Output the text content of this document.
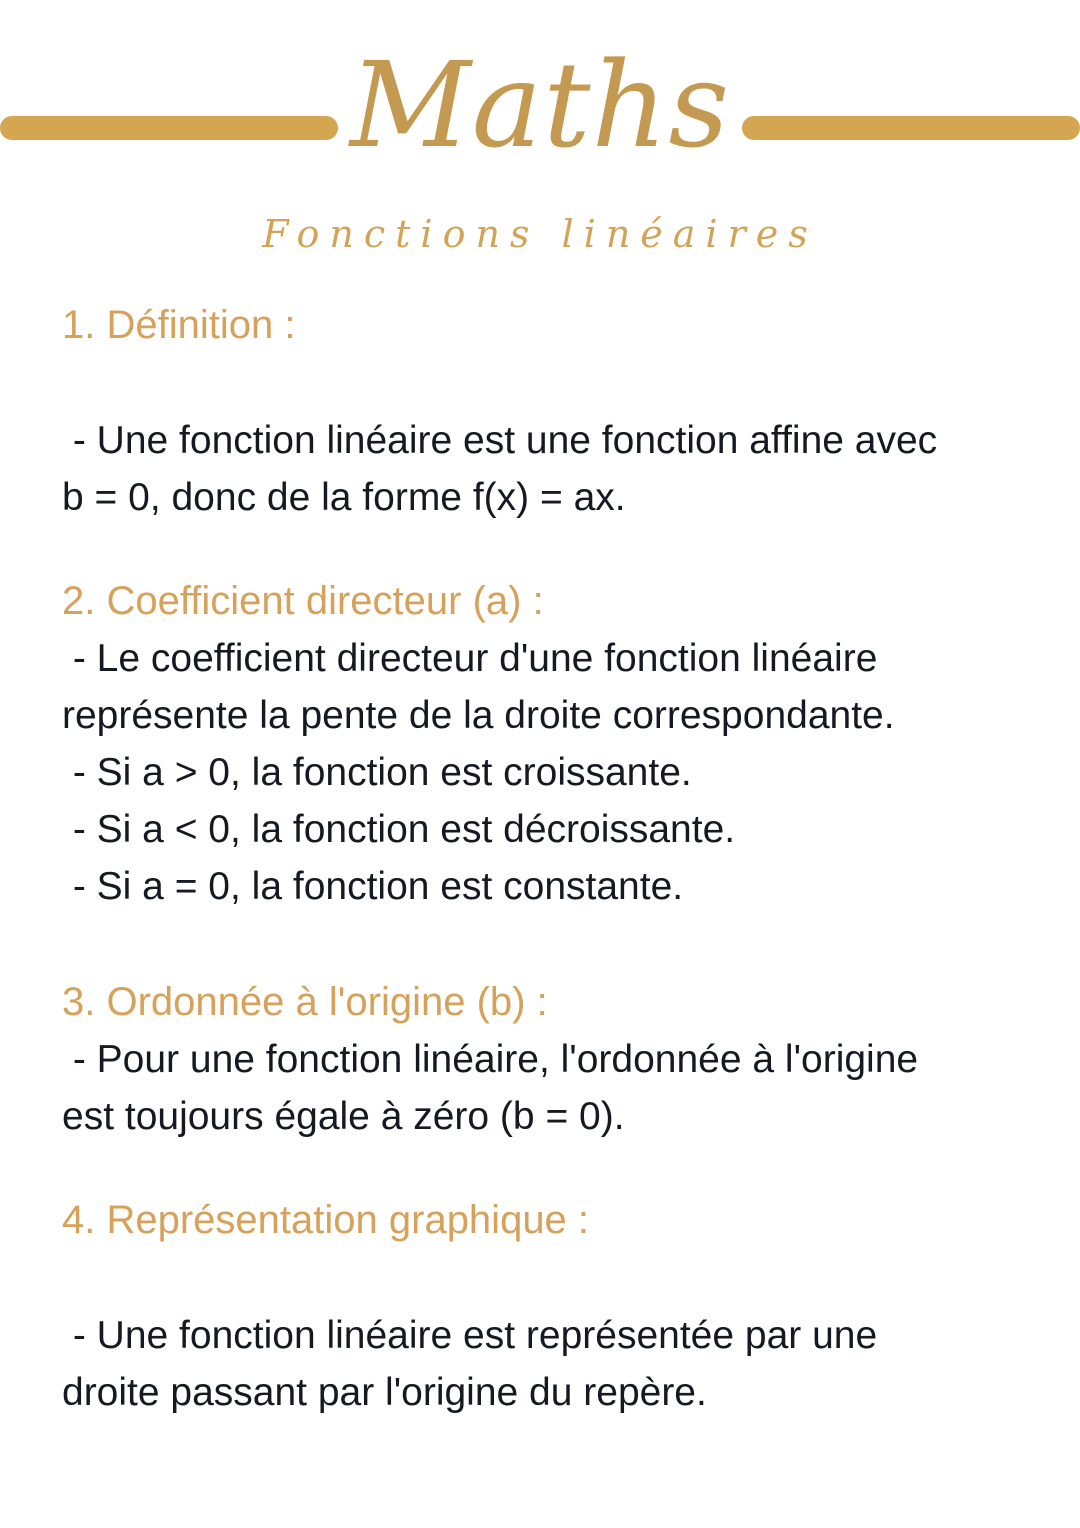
Maths
Fonctions linéaires

1. Définition :

- Une fonction linéaire est une fonction affine avec

b = 0, donc de la forme f(x) = ax.

2. Coefficient directeur (a) :

- Le coefficient directeur d'une fonction linéaire

représente la pente de la droite correspondante.

- Si a > 0, la fonction est croissante.

- Si a < 0, la fonction est décroissante.

- Si a = 0, la fonction est constante.

3. Ordonnée à l'origine (b) :

- Pour une fonction linéaire, l'ordonnée à l'origine

est toujours égale à zéro (b = 0).

4. Représentation graphique :

- Une fonction linéaire est représentée par une

droite passant par l'origine du repère.
